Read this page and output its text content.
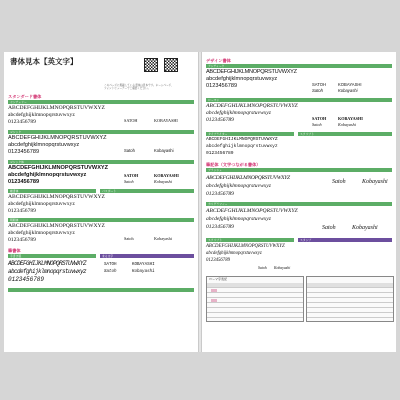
書体見本【英文字】
このページに掲載している書体は見本です。ホームページ、フォントビューアーでご確認ください。
スタンダード書体
センチュリー
ABCDEFGHIJKLMNOPQRSTUVWXYZ
abcdefghijklmnopqrstuvwxyz
0123456789	SATOH	KOBAYASHI
ゴシック
ABCDEFGHIJKLMNOPQRSTUVWXYZ
abcdefghijklmnopqrstuvwxyz
0123456789	Satoh	Kobayashi
ゴシック体
ABCDEFGHIJKLMNOPQRSTUVWXYZ
abcdefghijklmnopqrstuvwxyz
0123456789
SATOH	KOBAYASHI
Satoh	Kobayashi
楷書体	パスポート
ABCDEFGHIJKLMNOPQRSTUVWXYZ
abcdefghijklmnopqrstuvwxyz
0123456789
明朝体
ABCDEFGHIJKLMNOPQRSTUVWXYZ
abcdefghijklmnopqrstuvwxyz
0123456789	Satoh	Kobayashi
筆書体
手書き風	まる文字
ABCDEFGHIJKLMNOPQRSTUVWXYZ
abcdefghijklmnopqrstuvwxyz
0123456789
SATOH	KOBAYASHI
Satoh	Kobayashi
デザイン書体
アンティーク
ABCDEFGHIJKLMNOPQRSTUVWXYZ
abcdefghijklmnopqrstuvwxyz
0123456789	SATOH	KOBAYASHI
Satoh	Kobayashi
ローマン
ABCDEFGHIJKLMNOPQRSTUVWXYZ
abcdefghijklmnopqrstuvwxyz
0123456789	SATOH	KOBAYASHI
Satoh	Kobayashi
タイプライター	スクリプト
ABCDEFGHIJKLMNOPQRSTUVWXYZ
abcdefghijklmnopqrstuvwxyz
0123456789
筆記体（文字つながる書体）
ブラッシュ
ABCDEFGHIJKLMNOPQRSTUVWXYZ
abcdefghijklmnopqrstuvwxyz
0123456789
Satoh	Kobayashi
カリグラフィー
ABCDEFGHIJKLMNOPQRSTUVWXYZ
abcdefghijklmnopqrstuvwxyz
0123456789	Satoh	Kobayashi
スクリプト	スタンプ
ABCDEFGHIJKLMNOPQRSTUVWXYZ
abcdefghijklmnopqrstuvwxyz
0123456789
Satoh Kobayashi
ローマ字表記
